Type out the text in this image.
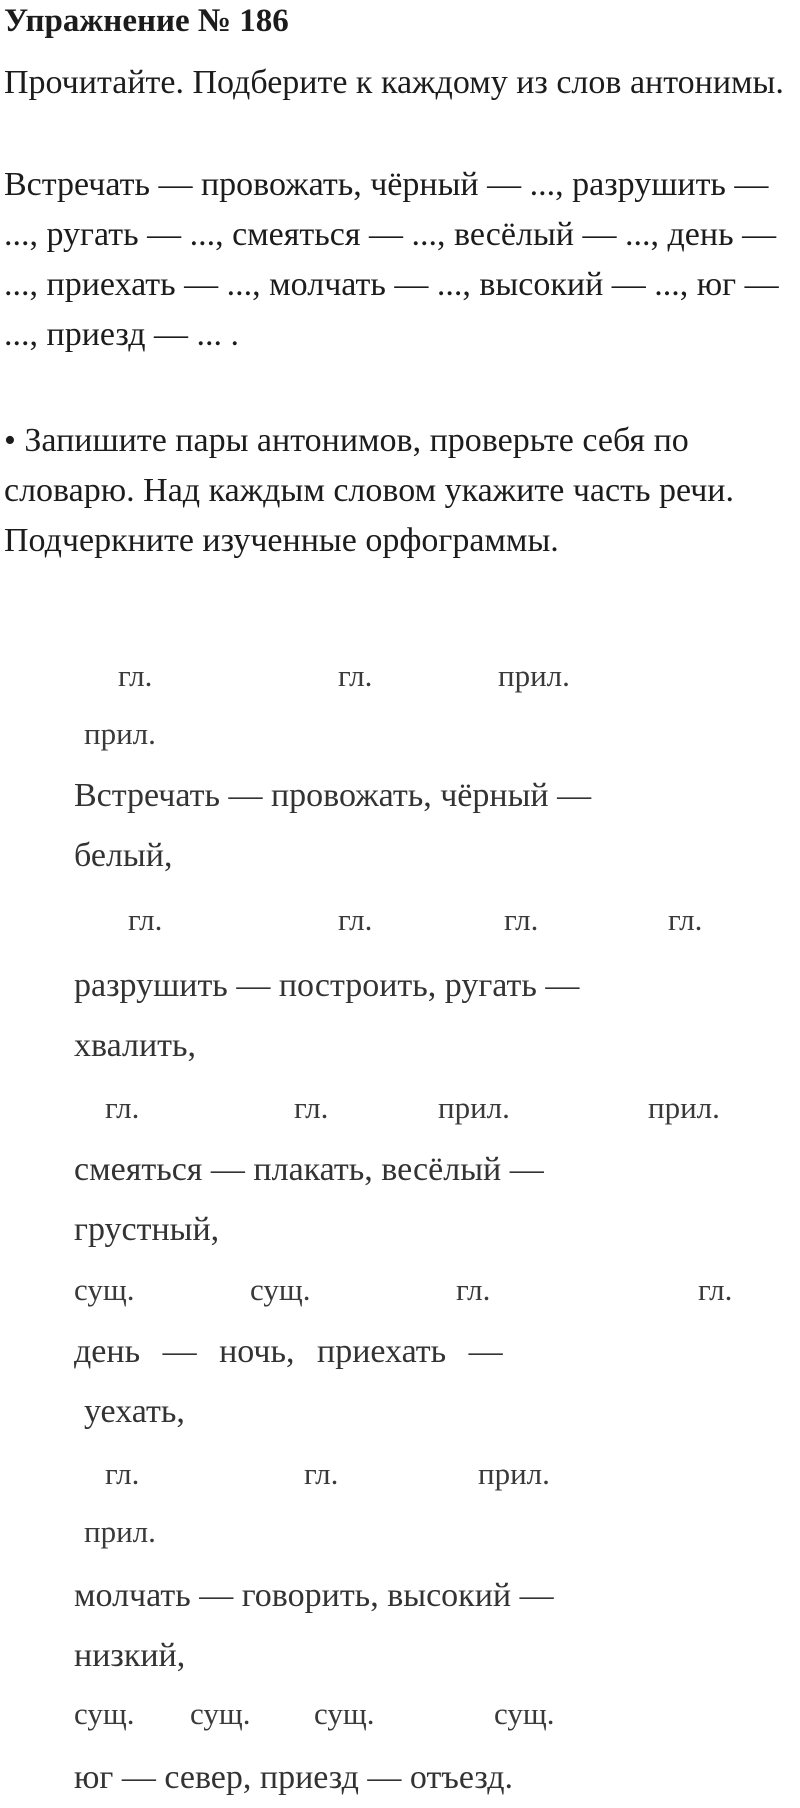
Упражнение № 186

Прочитайте. Подберите к каждому из слов антонимы.

Встречать — провожать, чёрный — ..., разрушить — ..., ругать — ..., смеяться — ..., весёлый — ..., день — ..., приехать — ..., молчать — ..., высокий — ..., юг — ..., приезд — ... .

• Запишите пары антонимов, проверьте себя по словарю. Над каждым словом укажите часть речи. Подчеркните изученные орфограммы.

гл.	гл.	прил.
прил.
гл.	гл.	гл.	гл.
гл.	гл.	прил.	прил.
сущ.	сущ.	гл.	гл.
гл.	гл.	прил.
прил.
сущ. сущ. сущ.	сущ.
Встречать — провожать, чёрный —
белый,
разрушить — построить, ругать —
хвалить,
смеяться — плакать, весёлый —
грустный,
день — ночь, приехать —
уехать,
молчать — говорить, высокий —
низкий,
юг — север, приезд — отъезд.
